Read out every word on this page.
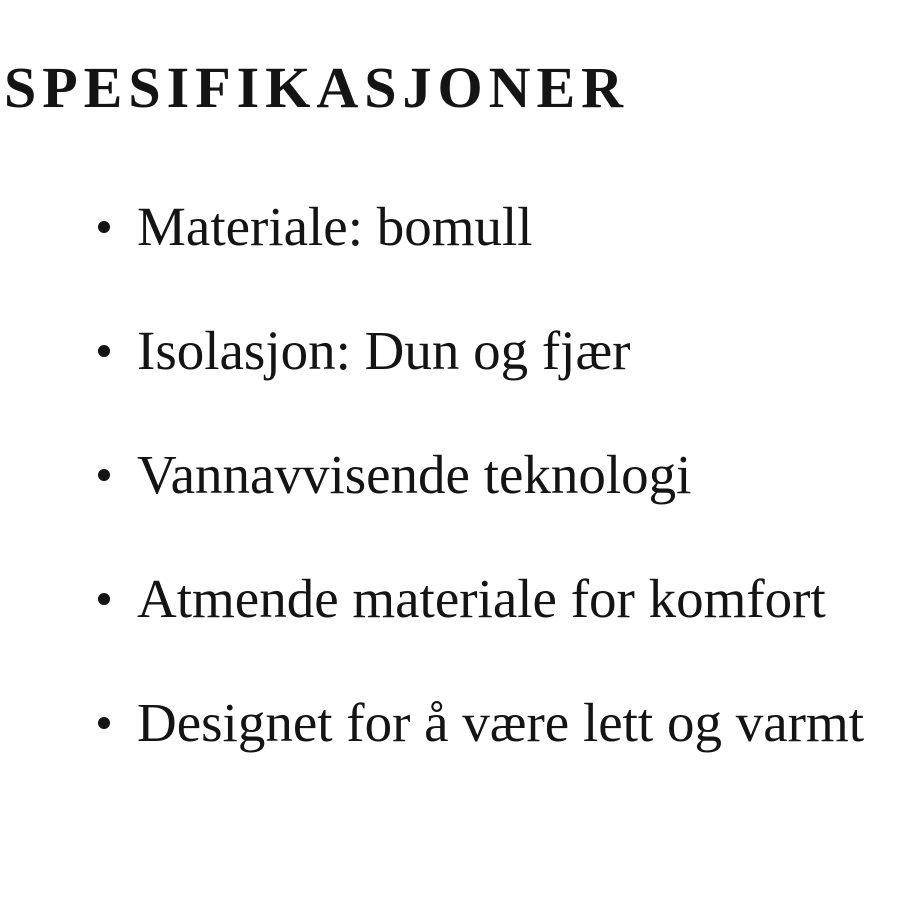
SPESIFIKASJONER
Materiale: bomull
Isolasjon: Dun og fjær
Vannavvisende teknologi
Atmende materiale for komfort
Designet for å være lett og varmt
